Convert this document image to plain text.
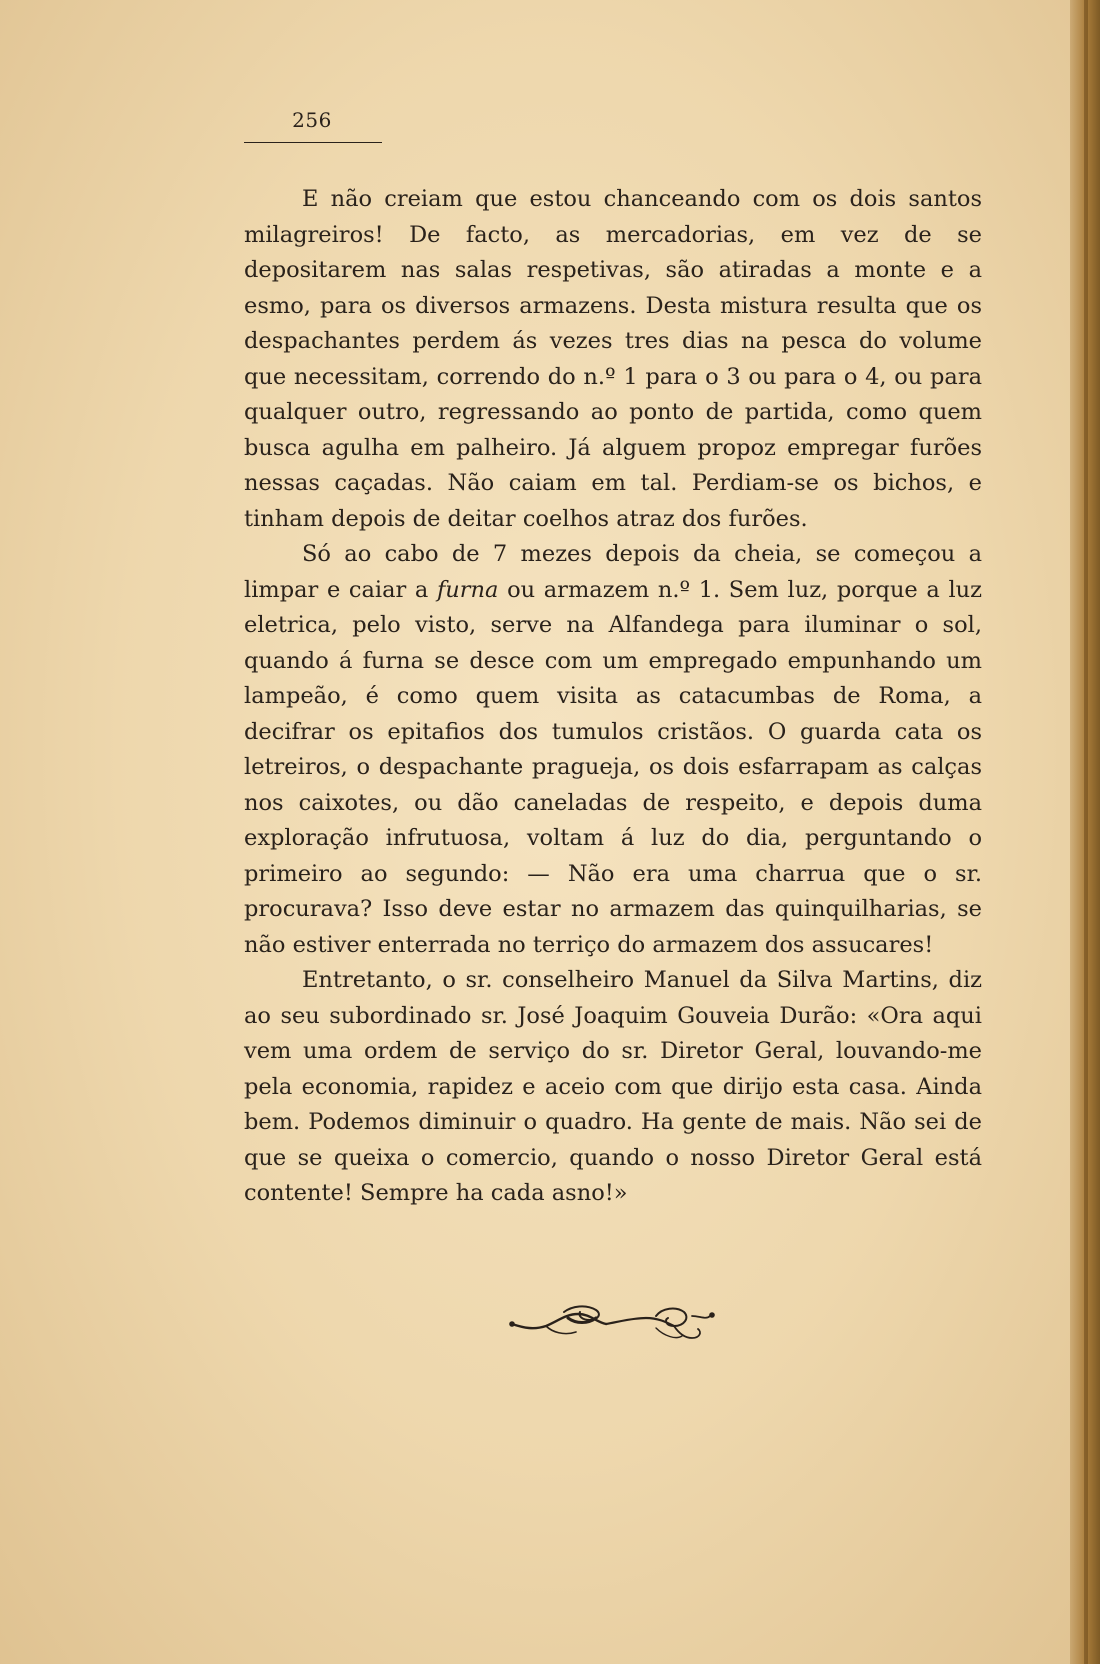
256

E não creiam que estou chanceando com os dois santos milagreiros! De facto, as mercadorias, em vez de se depositarem nas salas respetivas, são atiradas a monte e a esmo, para os diversos armazens. Desta mistura resulta que os despachantes perdem ás vezes tres dias na pesca do volume que necessitam, correndo do n.º 1 para o 3 ou para o 4, ou para qualquer outro, regressando ao ponto de partida, como quem busca agulha em palheiro. Já alguem propoz empregar furões nessas caçadas. Não caiam em tal. Perdiam-se os bichos, e tinham depois de deitar coelhos atraz dos furões.

Só ao cabo de 7 mezes depois da cheia, se começou a limpar e caiar a furna ou armazem n.º 1. Sem luz, porque a luz eletrica, pelo visto, serve na Alfandega para iluminar o sol, quando á furna se desce com um empregado empunhando um lampeão, é como quem visita as catacumbas de Roma, a decifrar os epitafios dos tumulos cristãos. O guarda cata os letreiros, o despachante pragueja, os dois esfarrapam as calças nos caixotes, ou dão caneladas de respeito, e depois duma exploração infrutuosa, voltam á luz do dia, perguntando o primeiro ao segundo: — Não era uma charrua que o sr. procurava? Isso deve estar no armazem das quinquilharias, se não estiver enterrada no terriço do armazem dos assucares!

Entretanto, o sr. conselheiro Manuel da Silva Martins, diz ao seu subordinado sr. José Joaquim Gouveia Durão: «Ora aqui vem uma ordem de serviço do sr. Diretor Geral, louvando-me pela economia, rapidez e aceio com que dirijo esta casa. Ainda bem. Podemos diminuir o quadro. Ha gente de mais. Não sei de que se queixa o comercio, quando o nosso Diretor Geral está contente! Sempre ha cada asno!»
